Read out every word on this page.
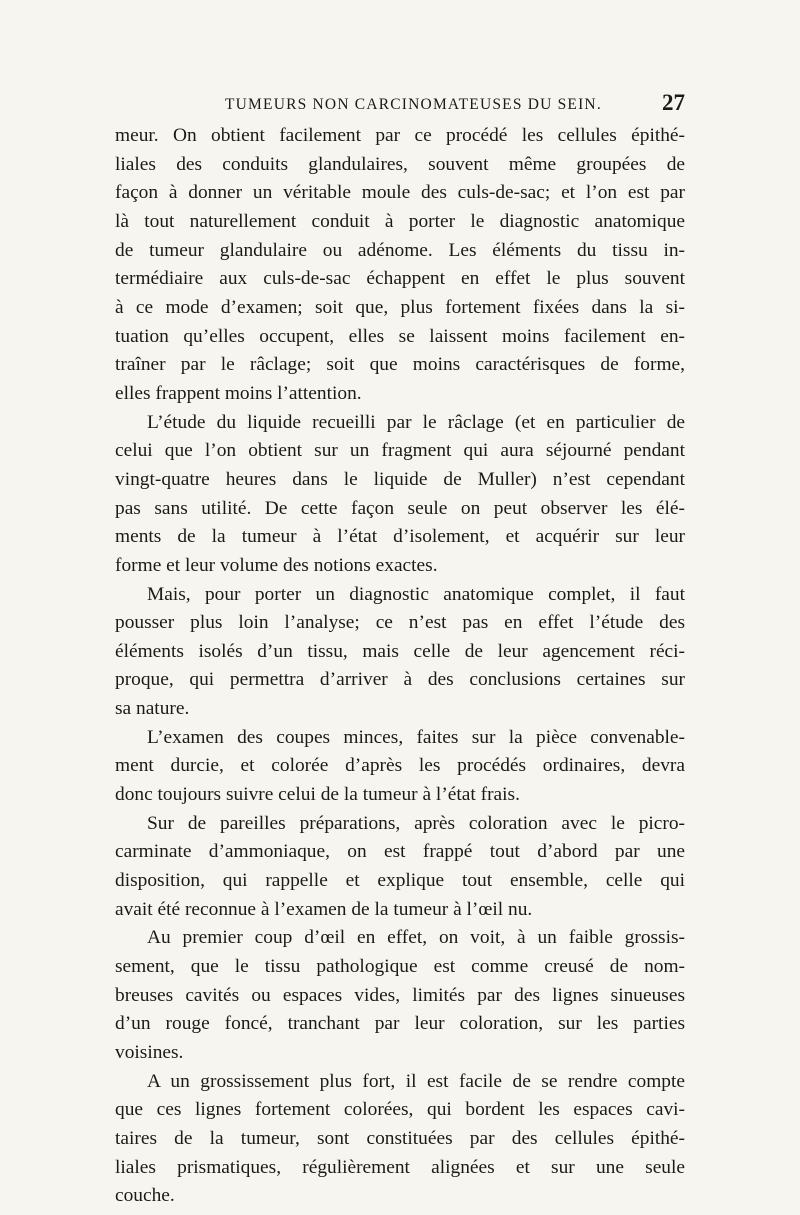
TUMEURS NON CARCINOMATEUSES DU SEIN.	27

meur. On obtient facilement par ce procédé les cellules épithé-
liales des conduits glandulaires, souvent même groupées de
façon à donner un véritable moule des culs-de-sac; et l’on est par
là tout naturellement conduit à porter le diagnostic anatomique
de tumeur glandulaire ou adénome. Les éléments du tissu in-
termédiaire aux culs-de-sac échappent en effet le plus souvent
à ce mode d’examen; soit que, plus fortement fixées dans la si-
tuation qu’elles occupent, elles se laissent moins facilement en-
traîner par le râclage; soit que moins caractérisques de forme,
elles frappent moins l’attention.

L’étude du liquide recueilli par le râclage (et en particulier de
celui que l’on obtient sur un fragment qui aura séjourné pendant
vingt-quatre heures dans le liquide de Muller) n’est cependant
pas sans utilité. De cette façon seule on peut observer les élé-
ments de la tumeur à l’état d’isolement, et acquérir sur leur
forme et leur volume des notions exactes.

Mais, pour porter un diagnostic anatomique complet, il faut
pousser plus loin l’analyse; ce n’est pas en effet l’étude des
éléments isolés d’un tissu, mais celle de leur agencement réci-
proque, qui permettra d’arriver à des conclusions certaines sur
sa nature.

L’examen des coupes minces, faites sur la pièce convenable-
ment durcie, et colorée d’après les procédés ordinaires, devra
donc toujours suivre celui de la tumeur à l’état frais.

Sur de pareilles préparations, après coloration avec le picro-
carminate d’ammoniaque, on est frappé tout d’abord par une
disposition, qui rappelle et explique tout ensemble, celle qui
avait été reconnue à l’examen de la tumeur à l’œil nu.

Au premier coup d’œil en effet, on voit, à un faible grossis-
sement, que le tissu pathologique est comme creusé de nom-
breuses cavités ou espaces vides, limités par des lignes sinueuses
d’un rouge foncé, tranchant par leur coloration, sur les parties
voisines.

A un grossissement plus fort, il est facile de se rendre compte
que ces lignes fortement colorées, qui bordent les espaces cavi-
taires de la tumeur, sont constituées par des cellules épithé-
liales prismatiques, régulièrement alignées et sur une seule
couche.
